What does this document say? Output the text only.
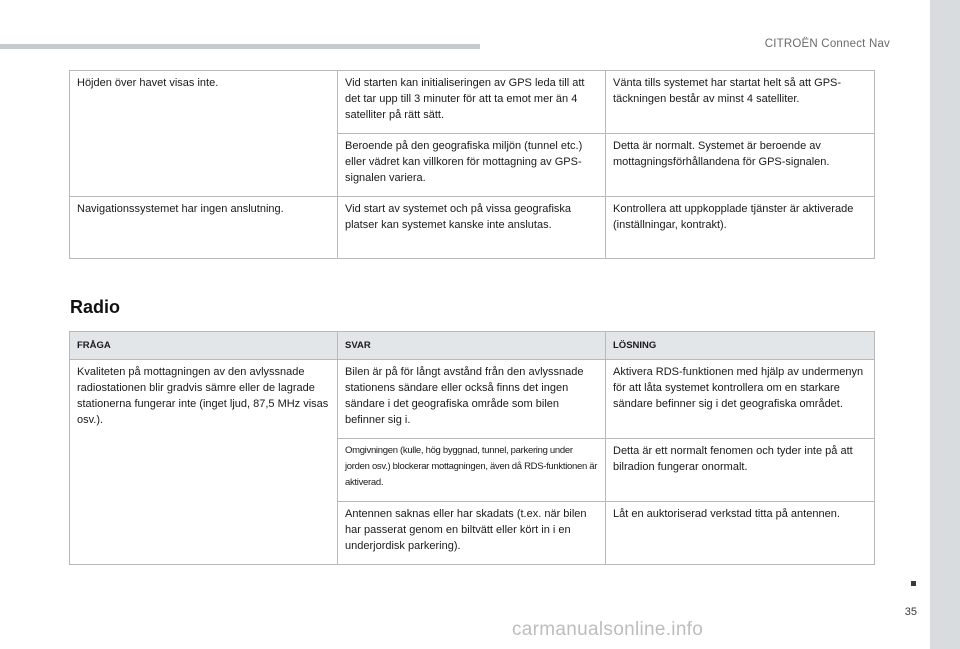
CITROËN Connect Nav
Höjden över havet visas inte.	Vid starten kan initialiseringen av GPS leda till att det tar upp till 3 minuter för att ta emot mer än 4 satelliter på rätt sätt.	Vänta tills systemet har startat helt så att GPS-täckningen består av minst 4 satelliter.
	Beroende på den geografiska miljön (tunnel etc.) eller vädret kan villkoren för mottagning av GPS-signalen variera.	Detta är normalt. Systemet är beroende av mottagningsförhållandena för GPS-signalen.
Navigationssystemet har ingen anslutning.	Vid start av systemet och på vissa geografiska platser kan systemet kanske inte anslutas.	Kontrollera att uppkopplade tjänster är aktiverade (inställningar, kontrakt).
Radio
FRÅGA	SVAR	LÖSNING
Kvaliteten på mottagningen av den avlyssnade radiostationen blir gradvis sämre eller de lagrade stationerna fungerar inte (inget ljud, 87,5 MHz visas osv.).	Bilen är på för långt avstånd från den avlyssnade stationens sändare eller också finns det ingen sändare i det geografiska område som bilen befinner sig i.	Aktivera RDS-funktionen med hjälp av undermenyn för att låta systemet kontrollera om en starkare sändare befinner sig i det geografiska området.
	Omgivningen (kulle, hög byggnad, tunnel, parkering under jorden osv.) blockerar mottagningen, även då RDS-funktionen är aktiverad.	Detta är ett normalt fenomen och tyder inte på att bilradion fungerar onormalt.
	Antennen saknas eller har skadats (t.ex. när bilen har passerat genom en biltvätt eller kört in i en underjordisk parkering).	Låt en auktoriserad verkstad titta på antennen.
35
carmanualsonline.info
